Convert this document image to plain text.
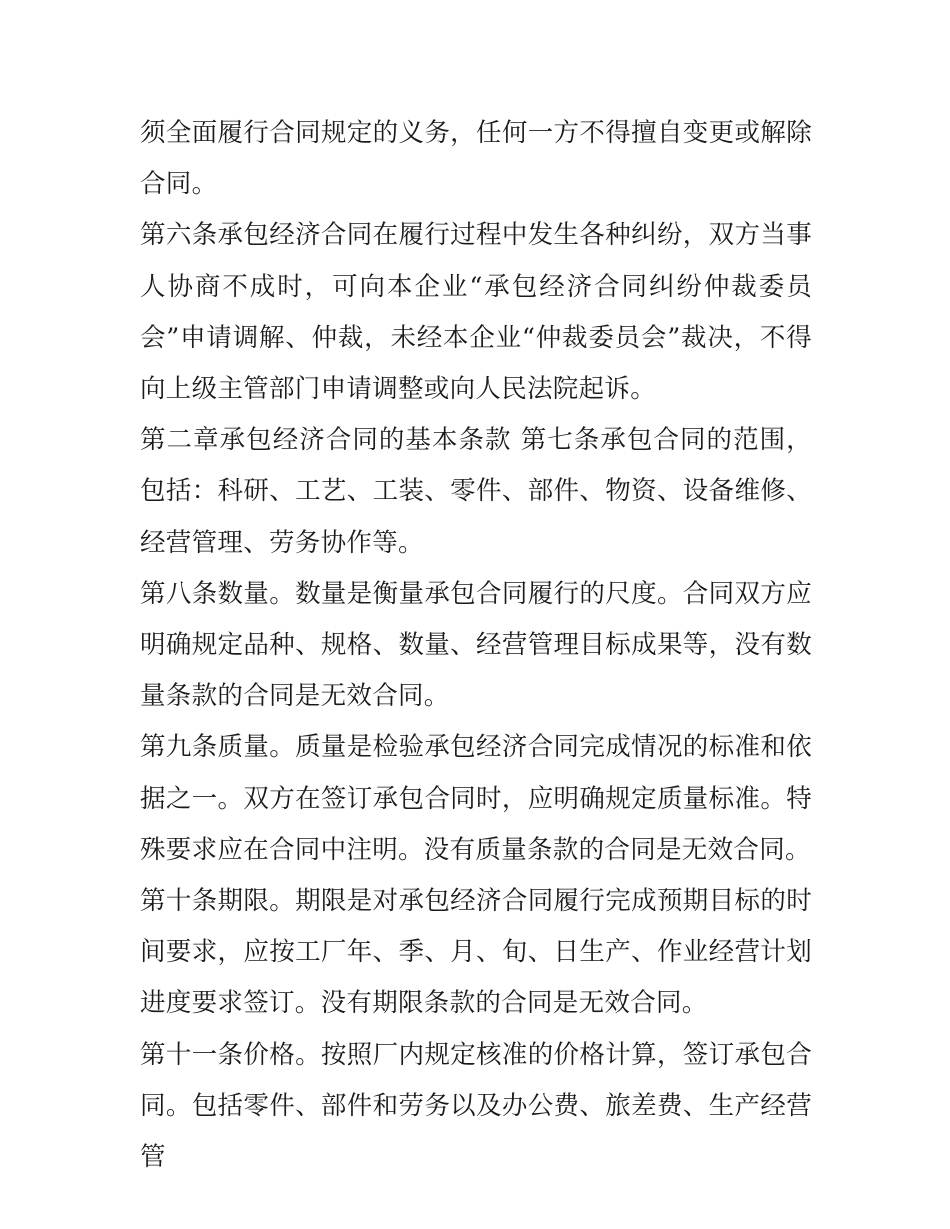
须全面履行合同规定的义务，任何一方不得擅自变更或解除合同。

第六条承包经济合同在履行过程中发生各种纠纷，双方当事人协商不成时，可向本企业“承包经济合同纠纷仲裁委员会”申请调解、仲裁，未经本企业“仲裁委员会”裁决，不得向上级主管部门申请调整或向人民法院起诉。

第二章承包经济合同的基本条款 第七条承包合同的范围，包括：科研、工艺、工装、零件、部件、物资、设备维修、经营管理、劳务协作等。

第八条数量。数量是衡量承包合同履行的尺度。合同双方应明确规定品种、规格、数量、经营管理目标成果等，没有数量条款的合同是无效合同。

第九条质量。质量是检验承包经济合同完成情况的标准和依据之一。双方在签订承包合同时，应明确规定质量标准。特殊要求应在合同中注明。没有质量条款的合同是无效合同。

第十条期限。期限是对承包经济合同履行完成预期目标的时间要求，应按工厂年、季、月、旬、日生产、作业经营计划进度要求签订。没有期限条款的合同是无效合同。

第十一条价格。按照厂内规定核准的价格计算，签订承包合同。包括零件、部件和劳务以及办公费、旅差费、生产经营管
